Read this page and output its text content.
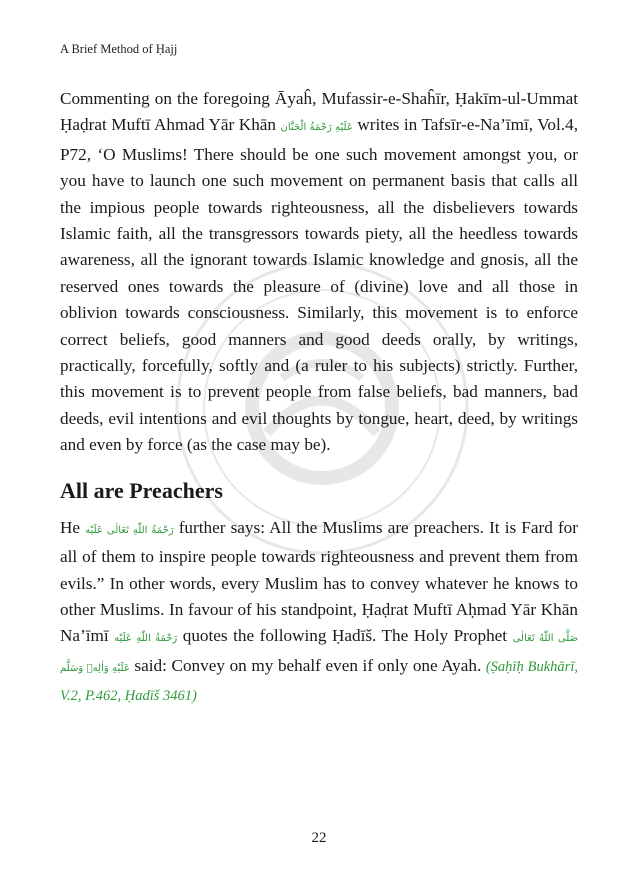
A Brief Method of Ḥajj

Commenting on the foregoing Āyaĥ, Mufassir-e-Shaĥīr, Ḥakīm-ul-Ummat Ḥaḍrat Muftī Ahmad Yār Khān عَلَيْهِ رَحْمَةُ الْحَنَّان writes in Tafsīr-e-Na’īmī, Vol.4, P72, ‘O Muslims! There should be one such movement amongst you, or you have to launch one such movement on permanent basis that calls all the impious people towards righteousness, all the disbelievers towards Islamic faith, all the transgressors towards piety, all the heedless towards awareness, all the ignorant towards Islamic knowledge and gnosis, all the reserved ones towards the pleasure of (divine) love and all those in oblivion towards consciousness. Similarly, this movement is to enforce correct beliefs, good manners and good deeds orally, by writings, practically, forcefully, softly and (a ruler to his subjects) strictly. Further, this movement is to prevent people from false beliefs, bad manners, bad deeds, evil intentions and evil thoughts by tongue, heart, deed, by writings and even by force (as the case may be).

All are Preachers

He رَحْمَةُ اللّٰهِ تَعَالٰی عَلَيْه further says: All the Muslims are preachers. It is Fard for all of them to inspire people towards righteousness and prevent them from evils.” In other words, every Muslim has to convey whatever he knows to other Muslims. In favour of his standpoint, Ḥaḍrat Muftī Aḥmad Yār Khān Na’īmī رَحْمَةُ اللّٰهِ عَلَيْه quotes the following Ḥadīš. The Holy Prophet صَلَّى اللّٰهُ تَعَالٰى عَلَيْهِ وَاٰلِهٖ وَسَلَّم said: Convey on my behalf even if only one Ayah. (Ṣaḥīḥ Bukhārī, V.2, P.462, Ḥadīš 3461)

22
